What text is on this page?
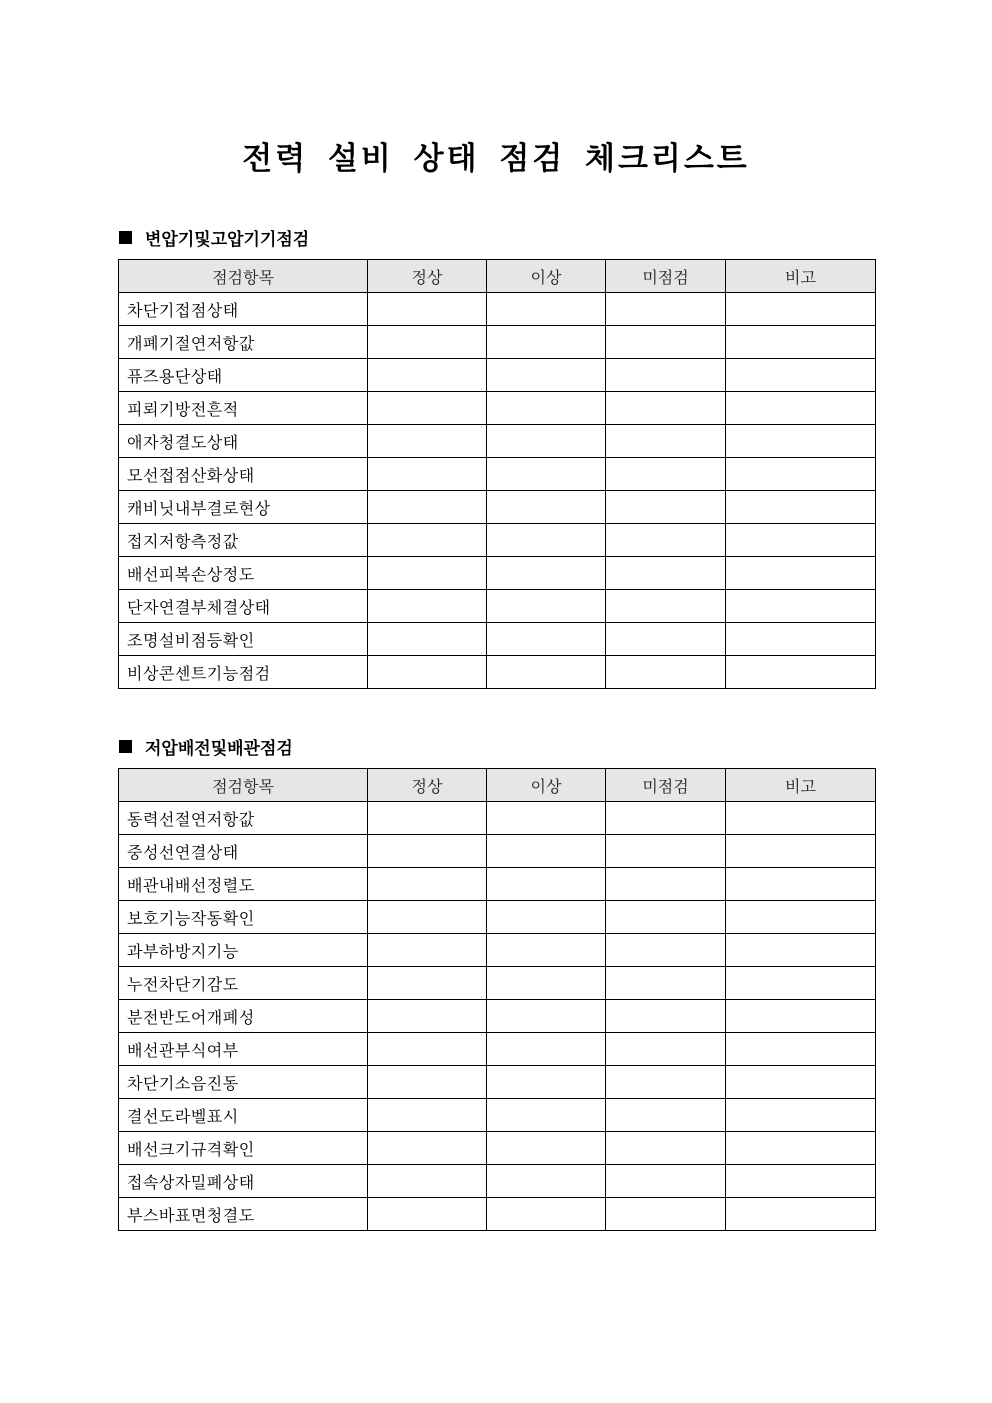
전력 설비 상태 점검 체크리스트
변압기및고압기기점검
점검항목	정상	이상	미점검	비고
차단기접점상태				
개폐기절연저항값				
퓨즈용단상태				
피뢰기방전흔적				
애자청결도상태				
모선접점산화상태				
캐비닛내부결로현상				
접지저항측정값				
배선피복손상정도				
단자연결부체결상태				
조명설비점등확인				
비상콘센트기능점검				
저압배전및배관점검
점검항목	정상	이상	미점검	비고
동력선절연저항값				
중성선연결상태				
배관내배선정렬도				
보호기능작동확인				
과부하방지기능				
누전차단기감도				
분전반도어개폐성				
배선관부식여부				
차단기소음진동				
결선도라벨표시				
배선크기규격확인				
접속상자밀폐상태				
부스바표면청결도				
